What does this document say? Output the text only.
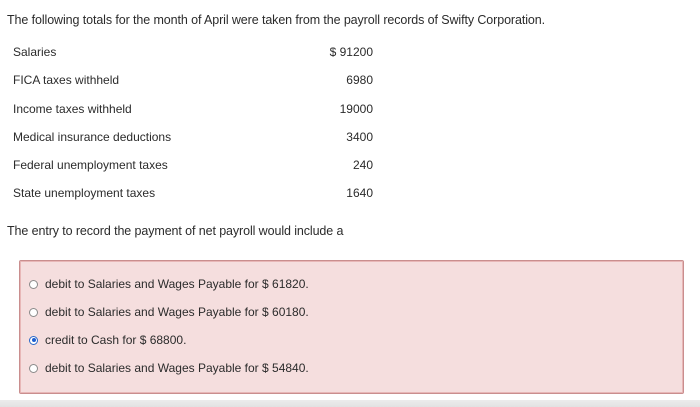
The following totals for the month of April were taken from the payroll records of Swifty Corporation.
Salaries	$ 91200
FICA taxes withheld	6980
Income taxes withheld	19000
Medical insurance deductions	3400
Federal unemployment taxes	240
State unemployment taxes	1640
The entry to record the payment of net payroll would include a
debit to Salaries and Wages Payable for $ 61820.
debit to Salaries and Wages Payable for $ 60180.
credit to Cash for $ 68800.
debit to Salaries and Wages Payable for $ 54840.
